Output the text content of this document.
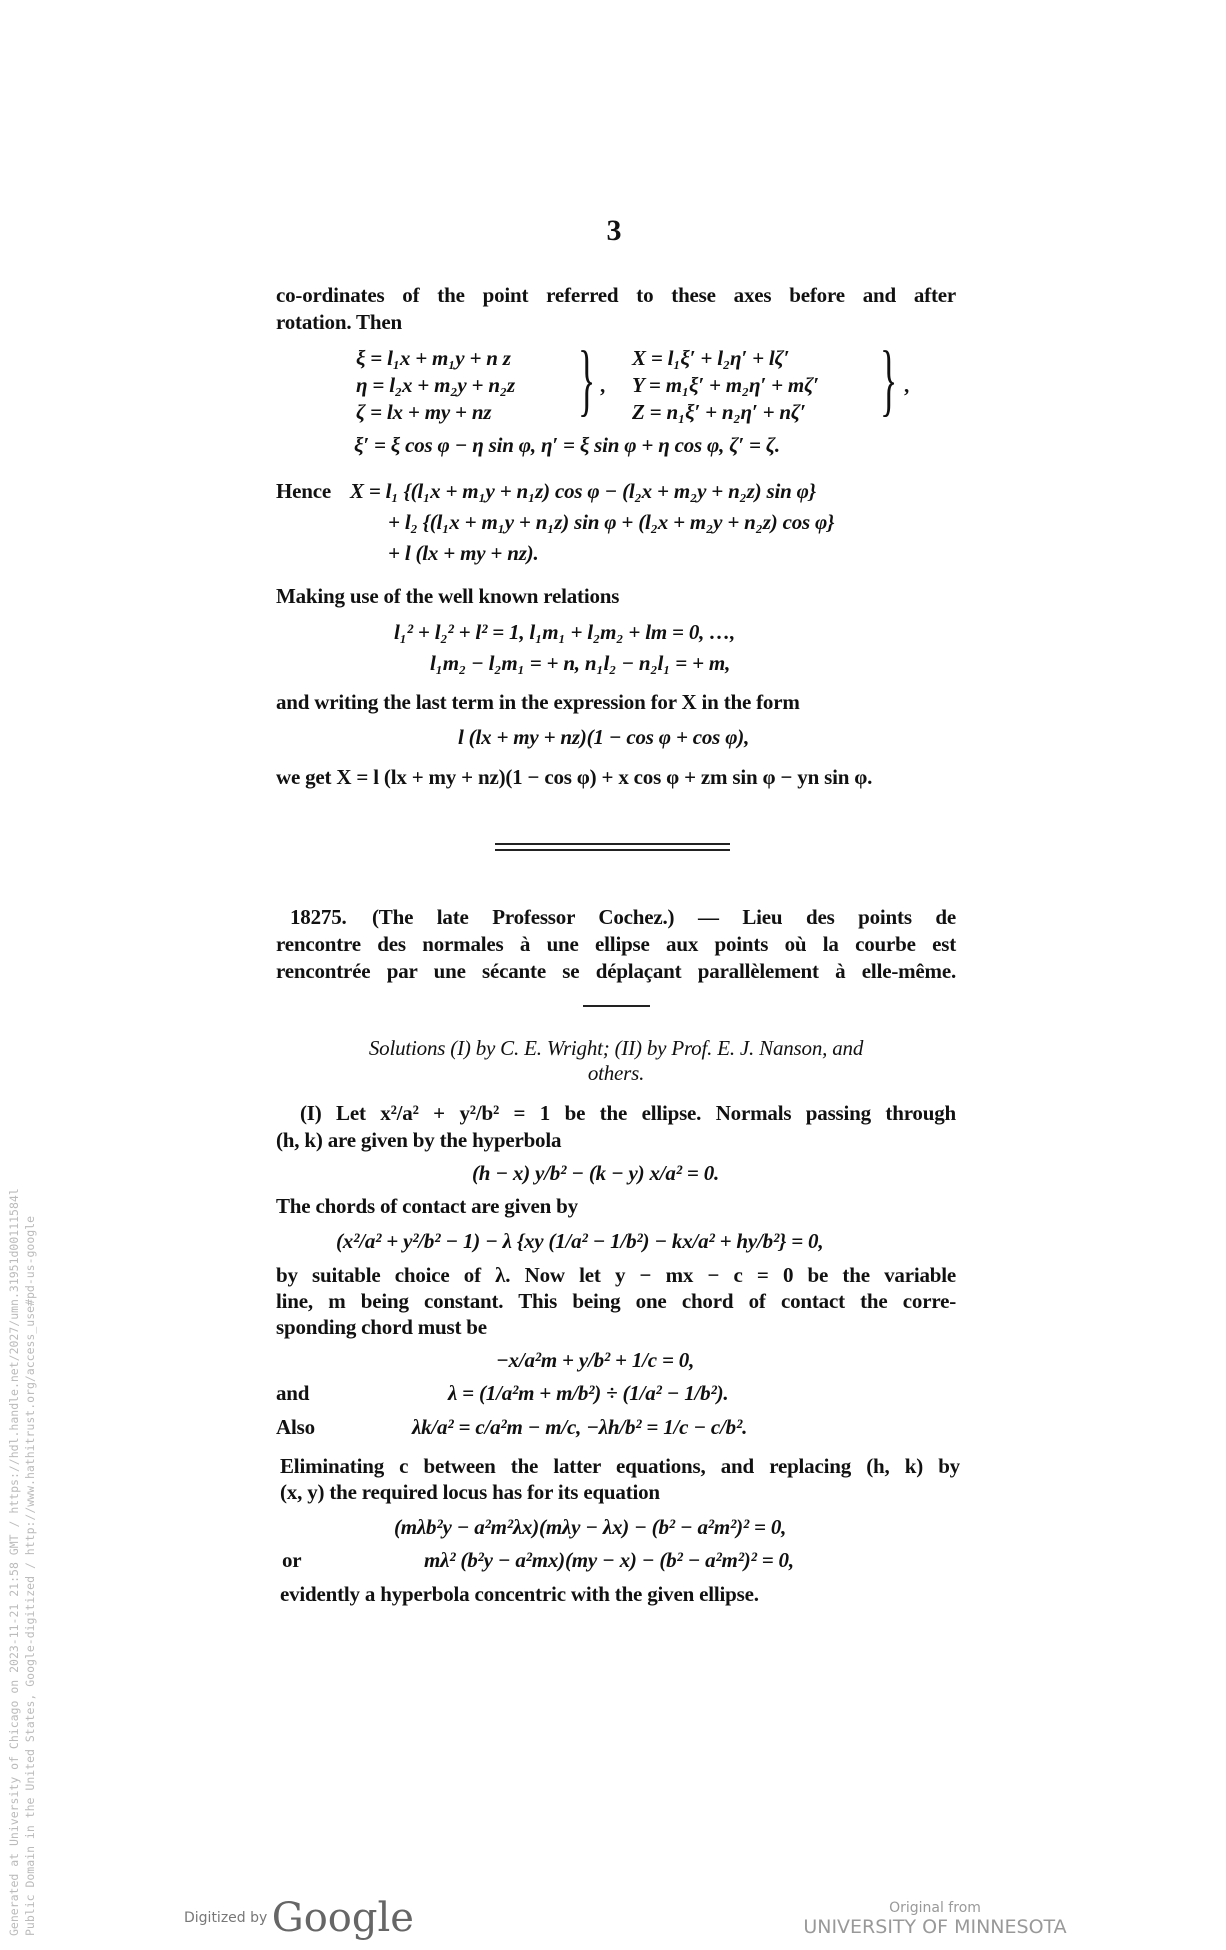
3
co-ordinates of the point referred to these axes before and after
rotation. Then
ξ = l₁x + m₁y + n z
η = l₂x + m₂y + n₂z
ζ = lx + my + nz } ,
X = l₁ξ′ + l₂η′ + lζ′
Y = m₁ξ′ + m₂η′ + mζ′
Z = n₁ξ′ + n₂η′ + nζ′ } ,
ξ′ = ξ cos φ − η sin φ, η′ = ξ sin φ + η cos φ, ζ′ = ζ.
Hence X = l₁ {(l₁x + m₁y + n₁z) cos φ − (l₂x + m₂y + n₂z) sin φ}
+ l₂ {(l₁x + m₁y + n₁z) sin φ + (l₂x + m₂y + n₂z) cos φ}
+ l (lx + my + nz).
Making use of the well known relations
l₁² + l₂² + l² = 1, l₁m₁ + l₂m₂ + lm = 0, …,
l₁m₂ − l₂m₁ = + n, n₁l₂ − n₂l₁ = + m,
and writing the last term in the expression for X in the form
l (lx + my + nz)(1 − cos φ + cos φ),
we get X = l (lx + my + nz)(1 − cos φ) + x cos φ + zm sin φ − yn sin φ.
18275. (The late Professor Cochez.) — Lieu des points de
rencontre des normales à une ellipse aux points où la courbe est
rencontrée par une sécante se déplaçant parallèlement à elle-même.
Solutions (I) by C. E. Wright; (II) by Prof. E. J. Nanson, and
others.
(I) Let x²/a² + y²/b² = 1 be the ellipse. Normals passing through
(h, k) are given by the hyperbola
(h − x) y/b² − (k − y) x/a² = 0.
The chords of contact are given by
(x²/a² + y²/b² − 1) − λ {xy (1/a² − 1/b²) − kx/a² + hy/b²} = 0,
by suitable choice of λ. Now let y − mx − c = 0 be the variable
line, m being constant. This being one chord of contact the corre-
sponding chord must be
−x/a²m + y/b² + 1/c = 0,
and	λ = (1/a²m + m/b²) ÷ (1/a² − 1/b²).
Also	λk/a² = c/a²m − m/c, −λh/b² = 1/c − c/b².
Eliminating c between the latter equations, and replacing (h, k) by
(x, y) the required locus has for its equation
(mλb²y − a²m²λx)(mλy − λx) − (b² − a²m²)² = 0,
or	mλ² (b²y − a²mx)(my − x) − (b² − a²m²)² = 0,
evidently a hyperbola concentric with the given ellipse.
Generated at University of Chicago on 2023-11-21 21:58 GMT / https://hdl.handle.net/2027/umn.31951d00111584l Public Domain in the United States, Google-digitized / http://www.hathitrust.org/access_use#pd-us-google	Digitized by Google	Original from
UNIVERSITY OF MINNESOTA
